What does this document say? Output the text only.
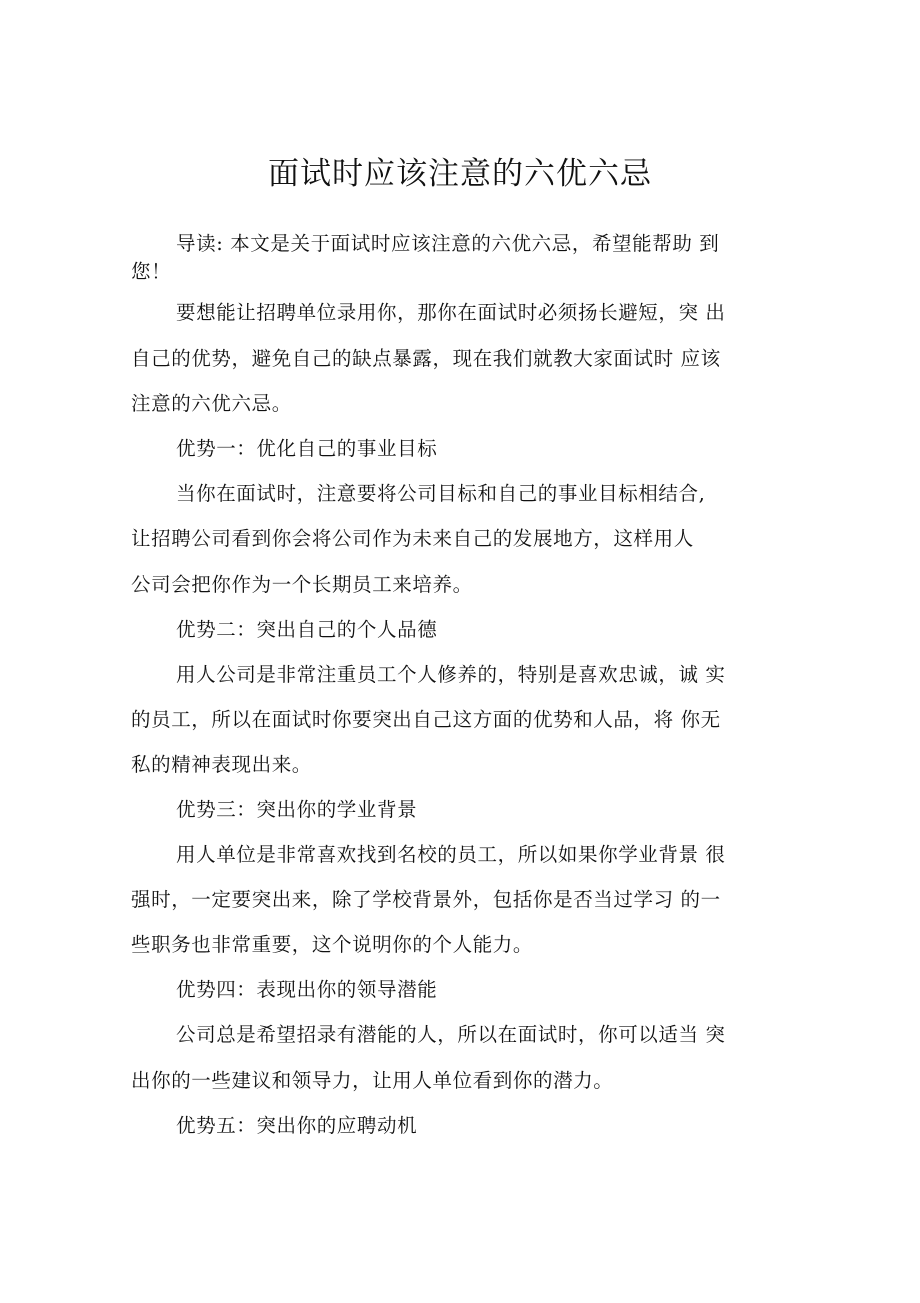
面试时应该注意的六优六忌
导读: 本文是关于面试时应该注意的六优六忌，希望能帮助 到
您！
要想能让招聘单位录用你，那你在面试时必须扬长避短，突 出
自己的优势，避免自己的缺点暴露，现在我们就教大家面试时 应该
注意的六优六忌。
优势一：优化自己的事业目标
当你在面试时，注意要将公司目标和自己的事业目标相结合,
让招聘公司看到你会将公司作为未来自己的发展地方，这样用人
公司会把你作为一个长期员工来培养。
优势二：突出自己的个人品德
用人公司是非常注重员工个人修养的，特别是喜欢忠诚，诚 实
的员工，所以在面试时你要突出自己这方面的优势和人品，将 你无
私的精神表现出来。
优势三：突出你的学业背景
用人单位是非常喜欢找到名校的员工，所以如果你学业背景 很
强时，一定要突出来，除了学校背景外，包括你是否当过学习 的一
些职务也非常重要，这个说明你的个人能力。
优势四：表现出你的领导潜能
公司总是希望招录有潜能的人，所以在面试时，你可以适当 突
出你的一些建议和领导力，让用人单位看到你的潜力。
优势五：突出你的应聘动机
